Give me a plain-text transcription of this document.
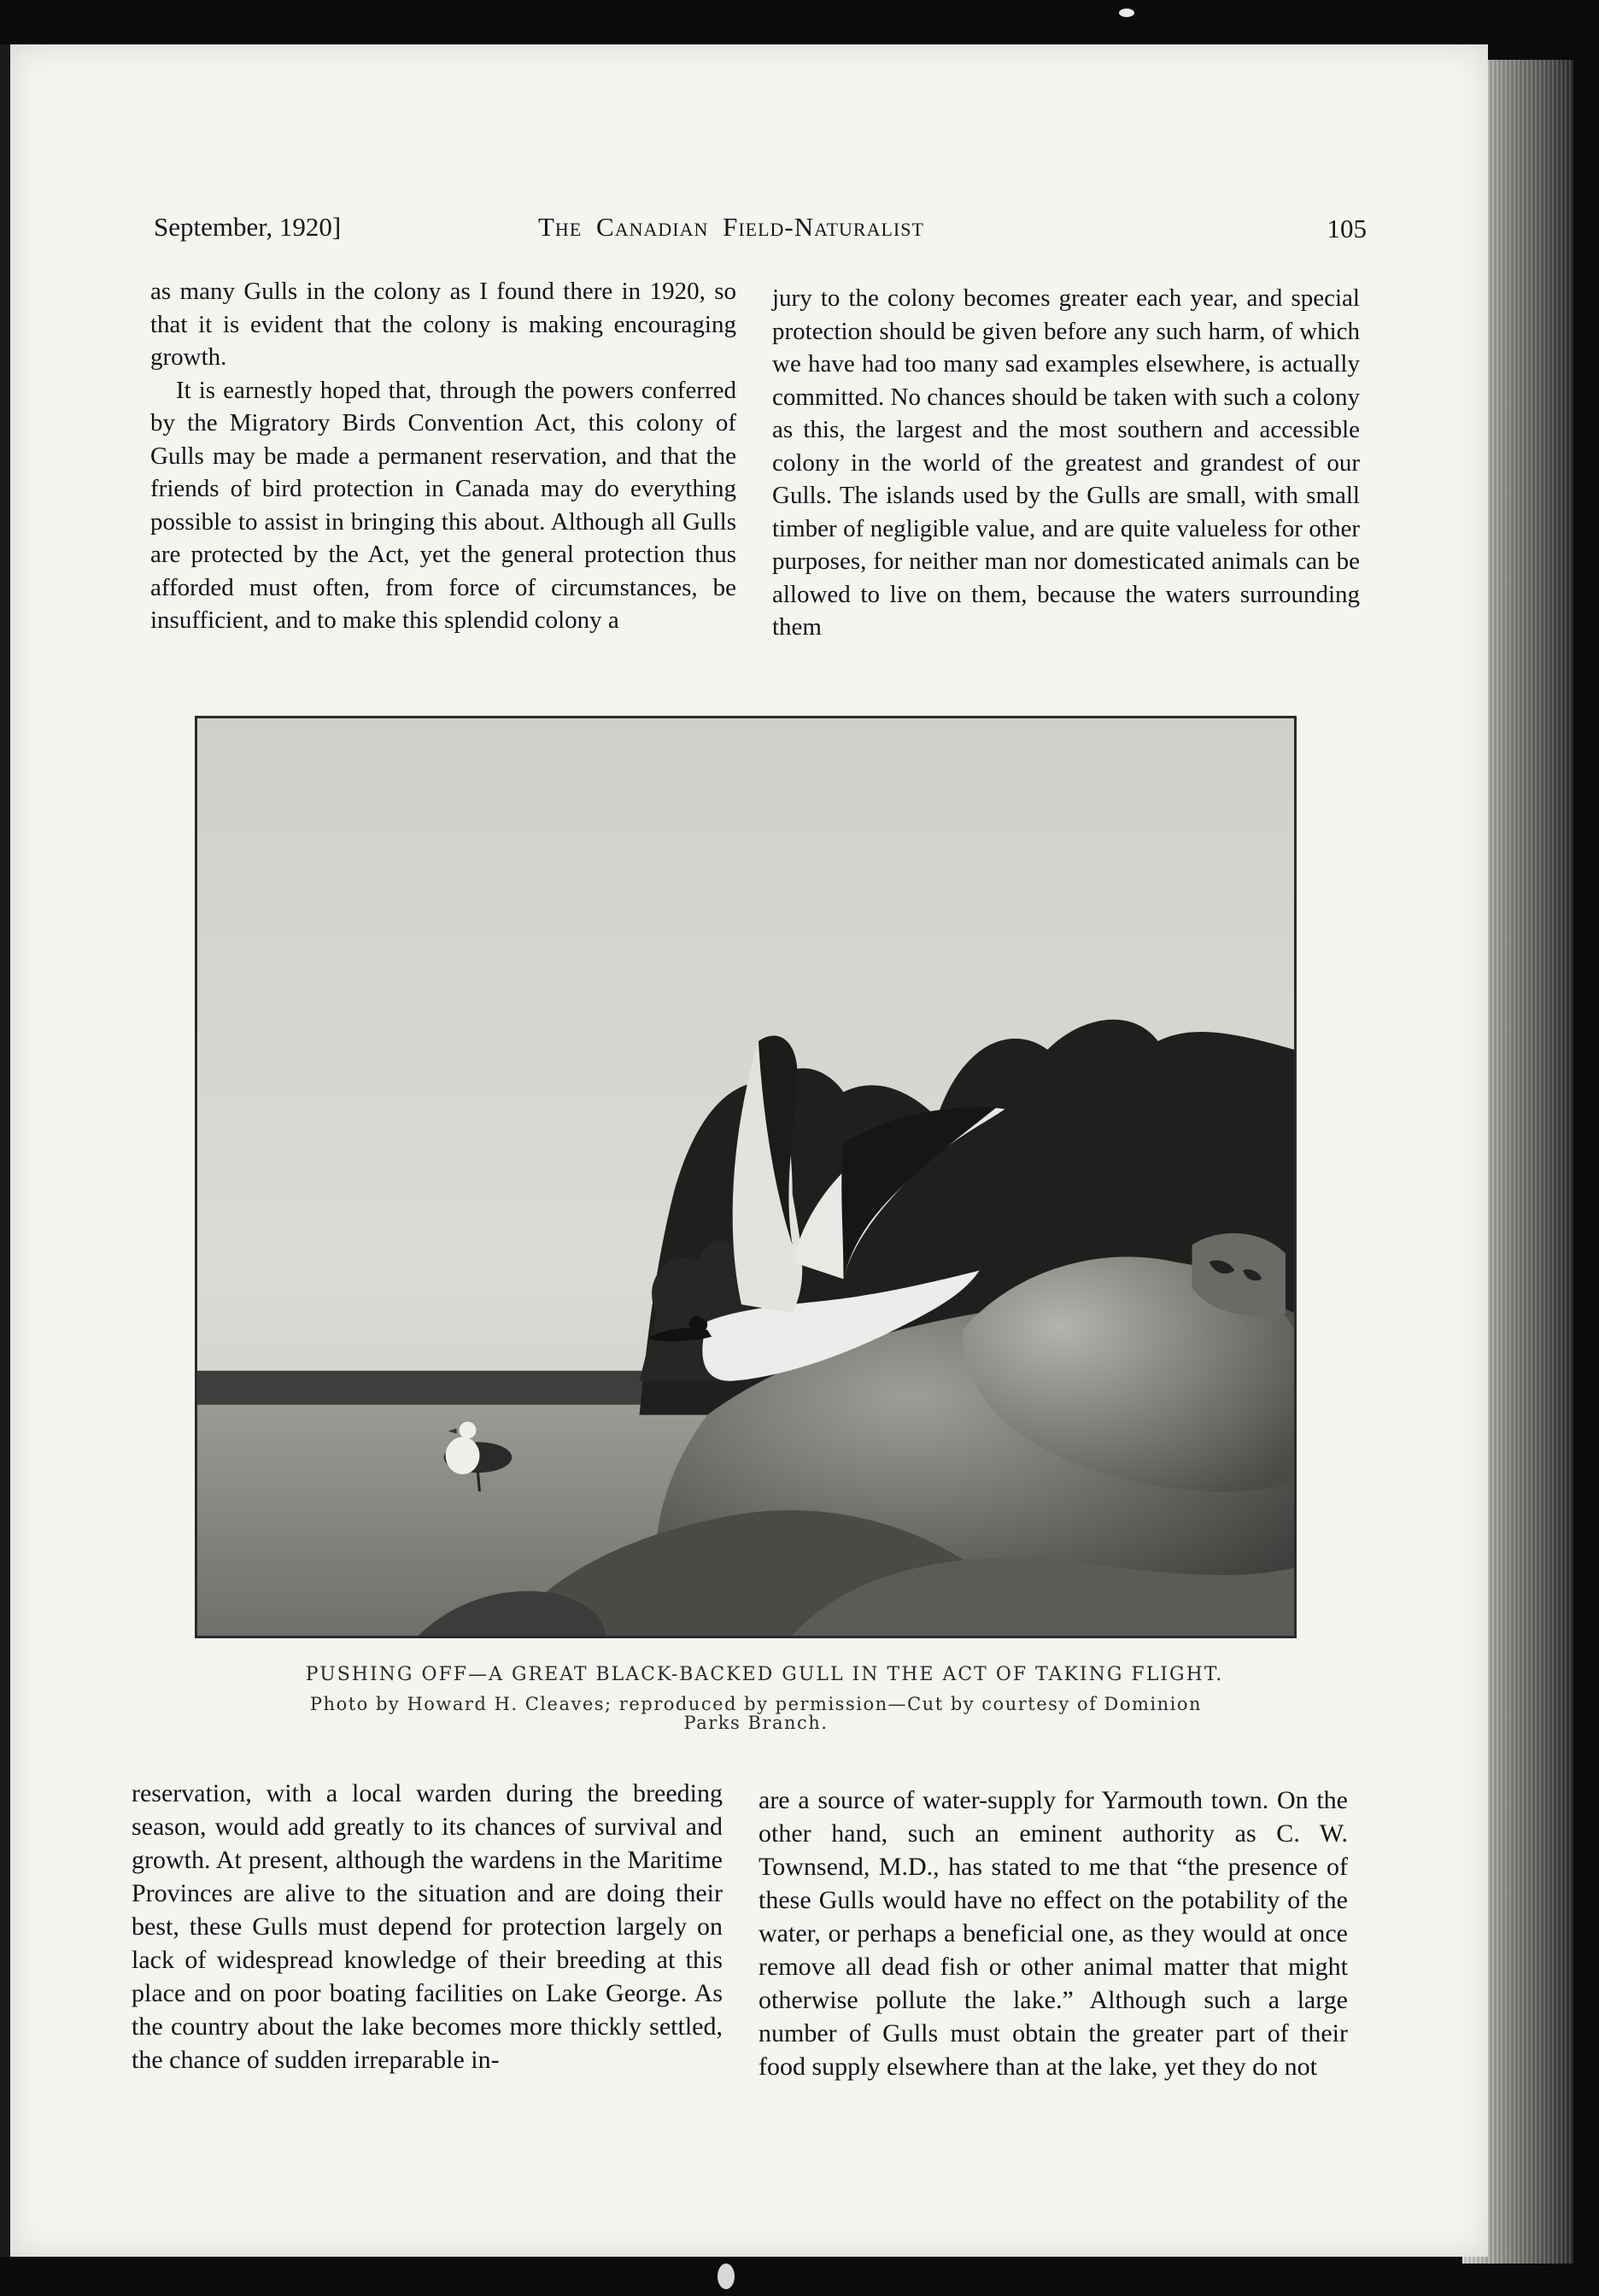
September, 1920]	The Canadian Field-Naturalist	105

as many Gulls in the colony as I found there in 1920, so that it is evident that the colony is making encouraging growth.

It is earnestly hoped that, through the powers conferred by the Migratory Birds Convention Act, this colony of Gulls may be made a permanent reservation, and that the friends of bird protection in Canada may do everything possible to assist in bringing this about. Although all Gulls are protected by the Act, yet the general protection thus afforded must often, from force of circumstances, be insufficient, and to make this splendid colony a

jury to the colony becomes greater each year, and special protection should be given before any such harm, of which we have had too many sad examples elsewhere, is actually committed. No chances should be taken with such a colony as this, the largest and the most southern and accessible colony in the world of the greatest and grandest of our Gulls. The islands used by the Gulls are small, with small timber of negligible value, and are quite valueless for other purposes, for neither man nor domesticated animals can be allowed to live on them, because the waters surrounding them

PUSHING OFF—A GREAT BLACK-BACKED GULL IN THE ACT OF TAKING FLIGHT.
Photo by Howard H. Cleaves; reproduced by permission—Cut by courtesy of Dominion Parks Branch.

reservation, with a local warden during the breeding season, would add greatly to its chances of survival and growth. At present, although the wardens in the Maritime Provinces are alive to the situation and are doing their best, these Gulls must depend for protection largely on lack of widespread knowledge of their breeding at this place and on poor boating facilities on Lake George. As the country about the lake becomes more thickly settled, the chance of sudden irreparable in-

are a source of water-supply for Yarmouth town. On the other hand, such an eminent authority as C. W. Townsend, M.D., has stated to me that “the presence of these Gulls would have no effect on the potability of the water, or perhaps a beneficial one, as they would at once remove all dead fish or other animal matter that might otherwise pollute the lake.” Although such a large number of Gulls must obtain the greater part of their food supply elsewhere than at the lake, yet they do not
